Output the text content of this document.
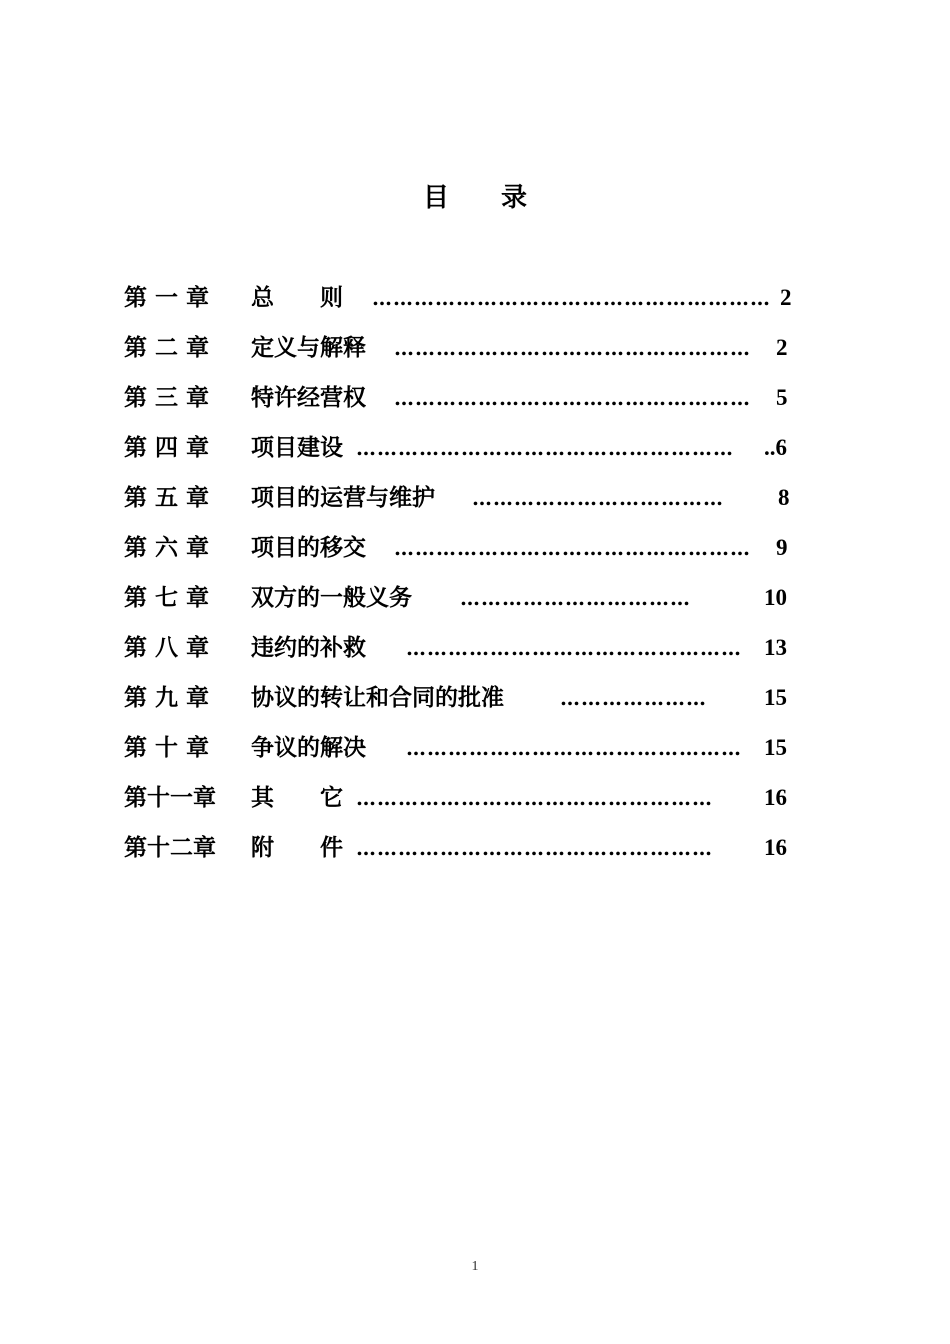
目 录
第 一 章	总　　则 ………………………………………………… 2
第 二 章	定义与解释 ……………………………………………	2
第 三 章	特许经营权 ……………………………………………	5
第 四 章	项目建设 ………………………………………………	..6
第 五 章	项目的运营与维护 ………………………………	8
第 六 章	项目的移交 ……………………………………………	9
第 七 章	双方的一般义务 ……………………………	10
第 八 章	违约的补救 ………………………………………… 13
第 九 章	协议的转让和合同的批准	…………………	15
第 十 章	争议的解决 ………………………………………… 15
第十一章	其　　它 ……………………………………………	16
第十二章	附　　件 ……………………………………………	16
1
